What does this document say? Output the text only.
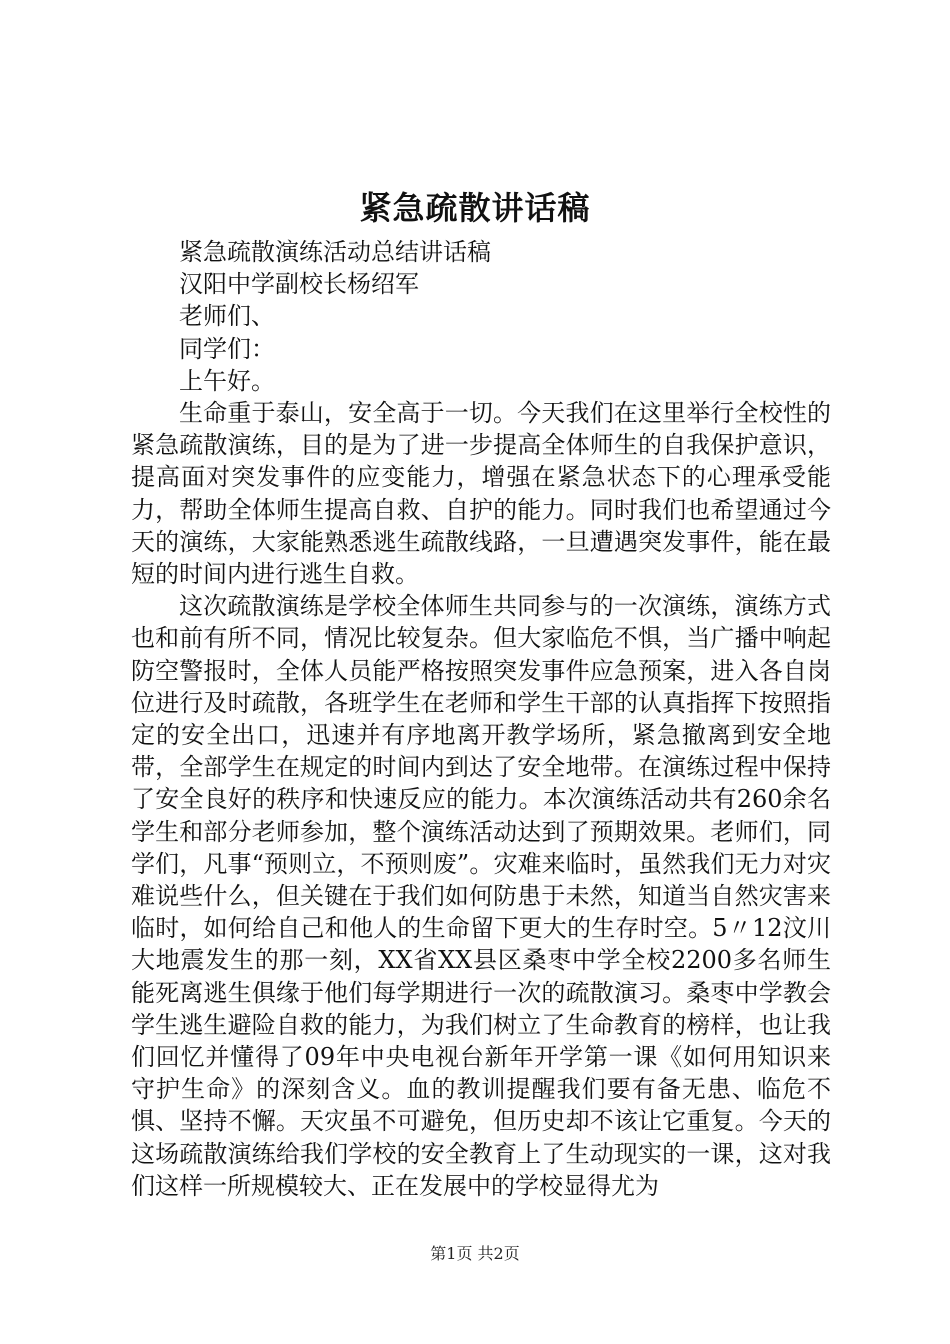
紧急疏散讲话稿

紧急疏散演练活动总结讲话稿

汉阳中学副校长杨绍军

老师们、

同学们：

上午好。

生命重于泰山，安全高于一切。今天我们在这里举行全校性的紧急疏散演练，目的是为了进一步提高全体师生的自我保护意识，提高面对突发事件的应变能力，增强在紧急状态下的心理承受能力，帮助全体师生提高自救、自护的能力。同时我们也希望通过今天的演练，大家能熟悉逃生疏散线路，一旦遭遇突发事件，能在最短的时间内进行逃生自救。

这次疏散演练是学校全体师生共同参与的一次演练，演练方式也和前有所不同，情况比较复杂。但大家临危不惧，当广播中响起防空警报时，全体人员能严格按照突发事件应急预案，进入各自岗位进行及时疏散，各班学生在老师和学生干部的认真指挥下按照指定的安全出口，迅速并有序地离开教学场所，紧急撤离到安全地带，全部学生在规定的时间内到达了安全地带。在演练过程中保持了安全良好的秩序和快速反应的能力。本次演练活动共有260余名学生和部分老师参加，整个演练活动达到了预期效果。老师们，同学们，凡事“预则立，不预则废”。灾难来临时，虽然我们无力对灾难说些什么，但关键在于我们如何防患于未然，知道当自然灾害来临时，如何给自己和他人的生命留下更大的生存时空。5〃12汶川大地震发生的那一刻，XX省XX县区桑枣中学全校2200多名师生能死离逃生俱缘于他们每学期进行一次的疏散演习。桑枣中学教会学生逃生避险自救的能力，为我们树立了生命教育的榜样，也让我们回忆并懂得了09年中央电视台新年开学第一课《如何用知识来守护生命》的深刻含义。血的教训提醒我们要有备无患、临危不惧、坚持不懈。天灾虽不可避免，但历史却不该让它重复。今天的这场疏散演练给我们学校的安全教育上了生动现实的一课，这对我们这样一所规模较大、正在发展中的学校显得尤为

第1页 共2页
